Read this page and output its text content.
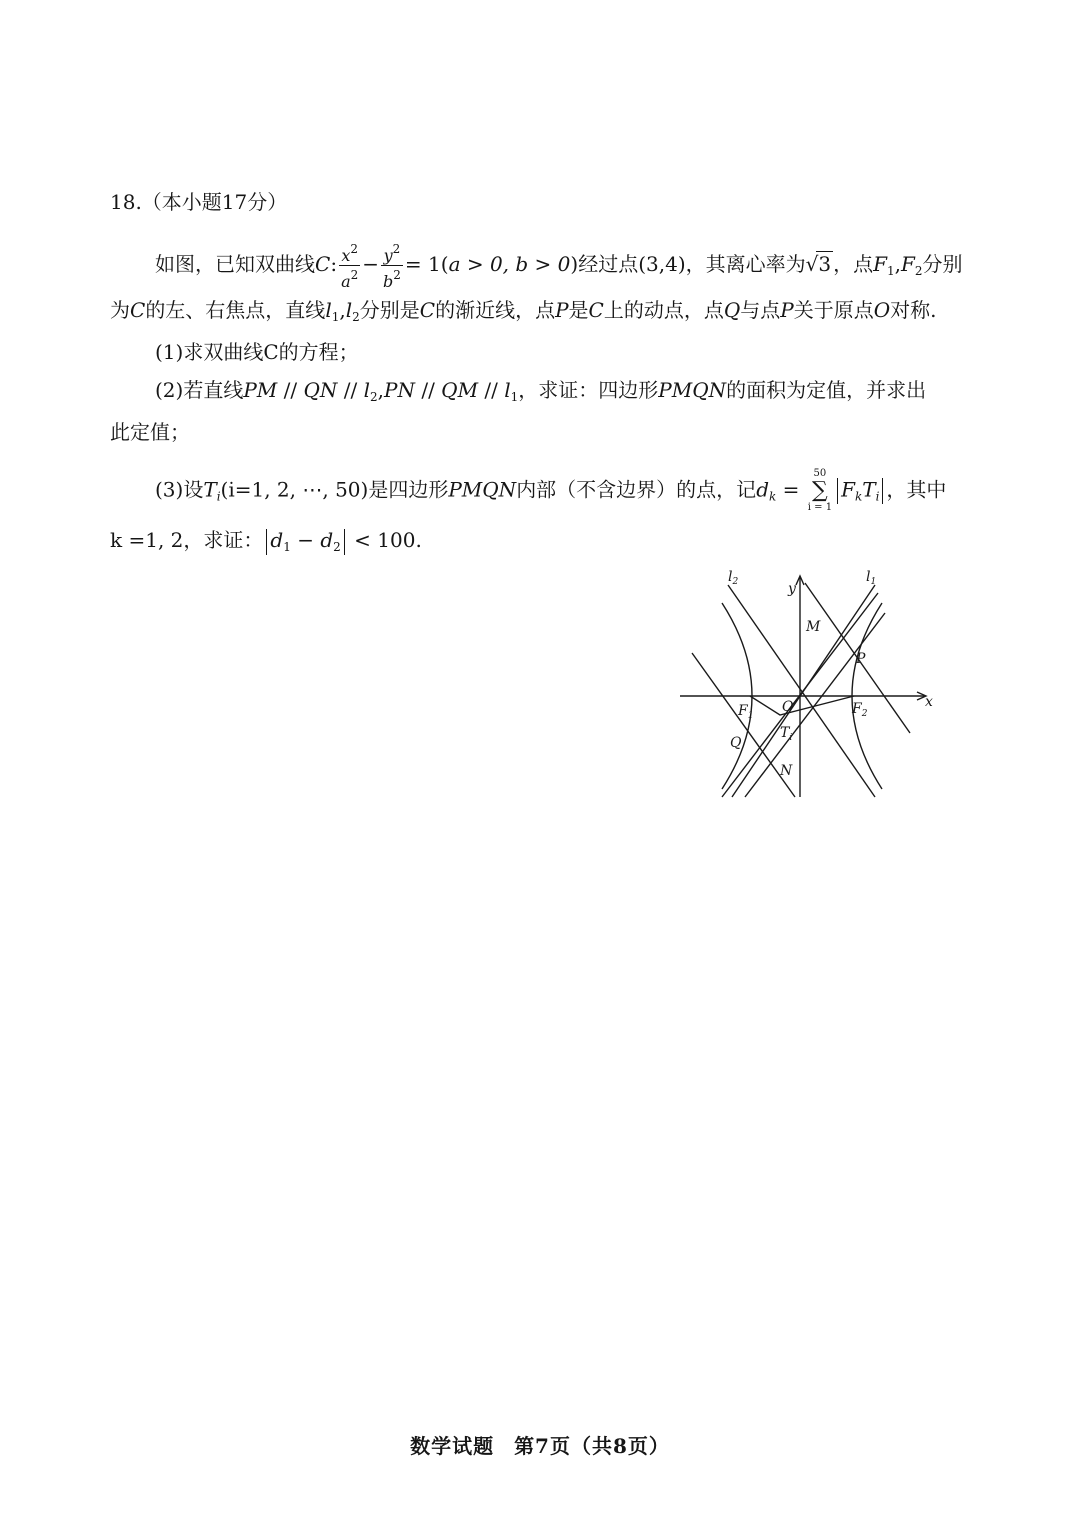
18.（本小题17分）
如图，已知双曲线C: $\frac{x^2}{a^2} - \frac{y^2}{b^2} = 1(a > 0$, b > 0)经过点(3,4)，其离心率为√3 ，点$F_1,F_2$分别
为C的左、右焦点，直线$l_1,l_2$分别是C的渐近线，点P是C上的动点，点Q与点P关于原点O对称.
(1)求双曲线C的方程；
(2)若直线PM // QN // $l_2,PN$ // QM // $l_1$，求证：四边形PMQN的面积为定值，并求出
此定值；
(3)设$T_i(i=1$, 2, ⋯, 50)是四边形PMQN内部（不含边界）的点，记$d_k$ =
50
∑
i = 1
$F_kT_i$ ，其中
k =1, 2，求证： $d_1 - d_2 < 100$.
$l_2$	$l_1$
y
x
M
P
O
$F_1$	$F_2$
Q
$T_i$
N
数学试题 第7页（共8页）
